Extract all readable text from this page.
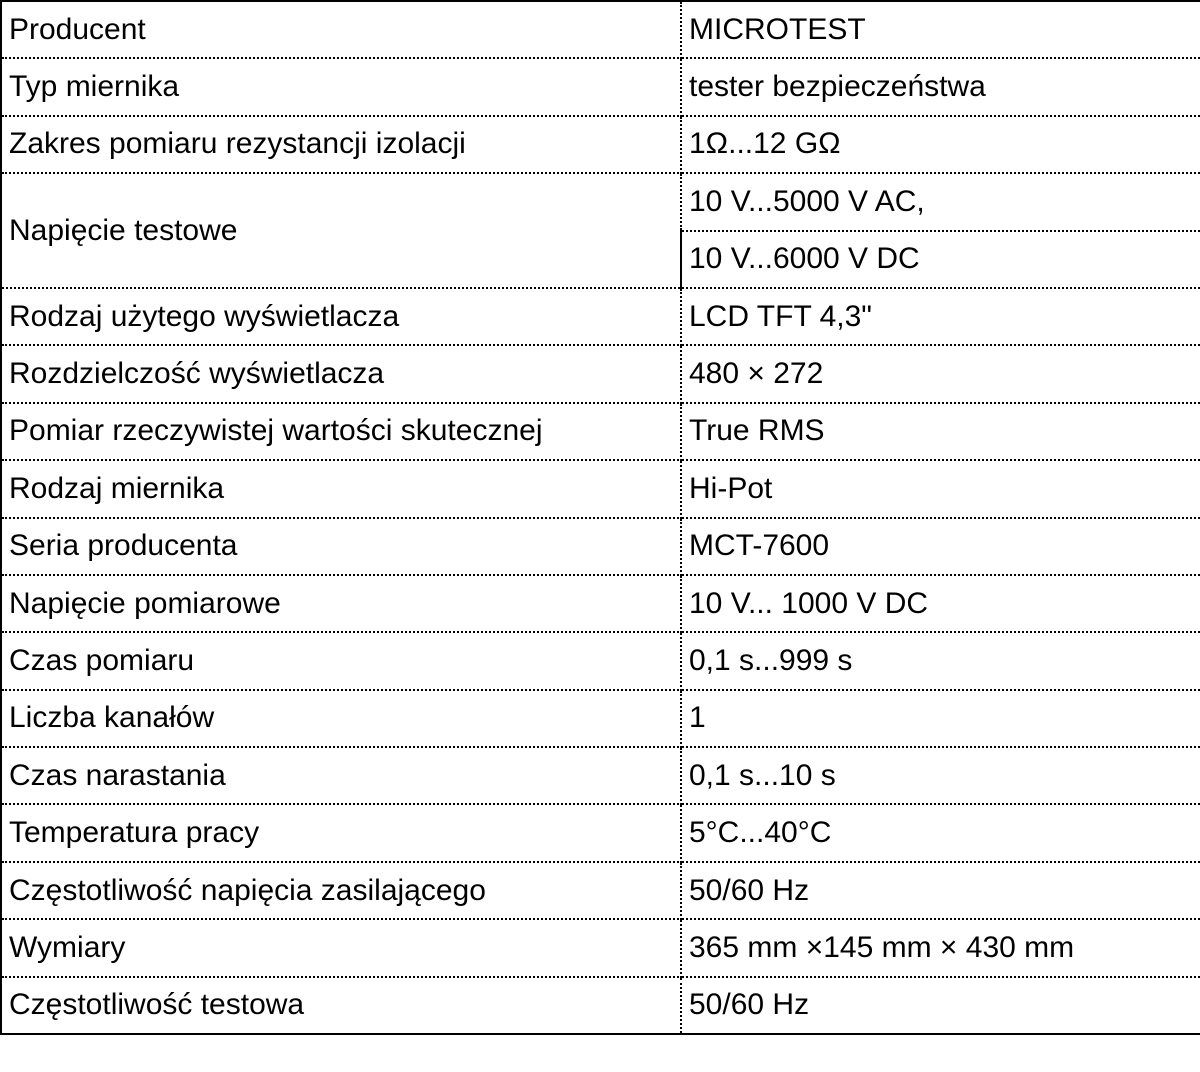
Producent	MICROTEST
Typ miernika	tester bezpieczeństwa
Zakres pomiaru rezystancji izolacji	1Ω...12 GΩ
Napięcie testowe	10 V...5000 V AC,
	10 V...6000 V DC
Rodzaj użytego wyświetlacza	LCD TFT 4,3"
Rozdzielczość wyświetlacza	480 × 272
Pomiar rzeczywistej wartości skutecznej	True RMS
Rodzaj miernika	Hi-Pot
Seria producenta	MCT-7600
Napięcie pomiarowe	10 V... 1000 V DC
Czas pomiaru	0,1 s...999 s
Liczba kanałów	1
Czas narastania	0,1 s...10 s
Temperatura pracy	5°C...40°C
Częstotliwość napięcia zasilającego	50/60 Hz
Wymiary	365 mm ×145 mm × 430 mm
Częstotliwość testowa	50/60 Hz
